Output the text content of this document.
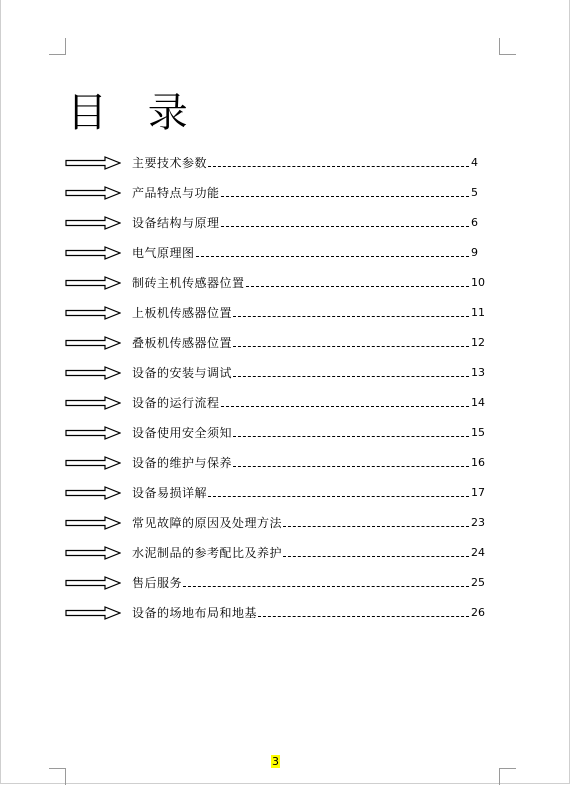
目 录
主要技术参数	4
产品特点与功能	5
设备结构与原理	6
电气原理图	9
制砖主机传感器位置	10
上板机传感器位置	11
叠板机传感器位置	12
设备的安装与调试	13
设备的运行流程	14
设备使用安全须知	15
设备的维护与保养	16
设备易损详解	17
常见故障的原因及处理方法	23
水泥制品的参考配比及养护	24
售后服务	25
设备的场地布局和地基	26
3
